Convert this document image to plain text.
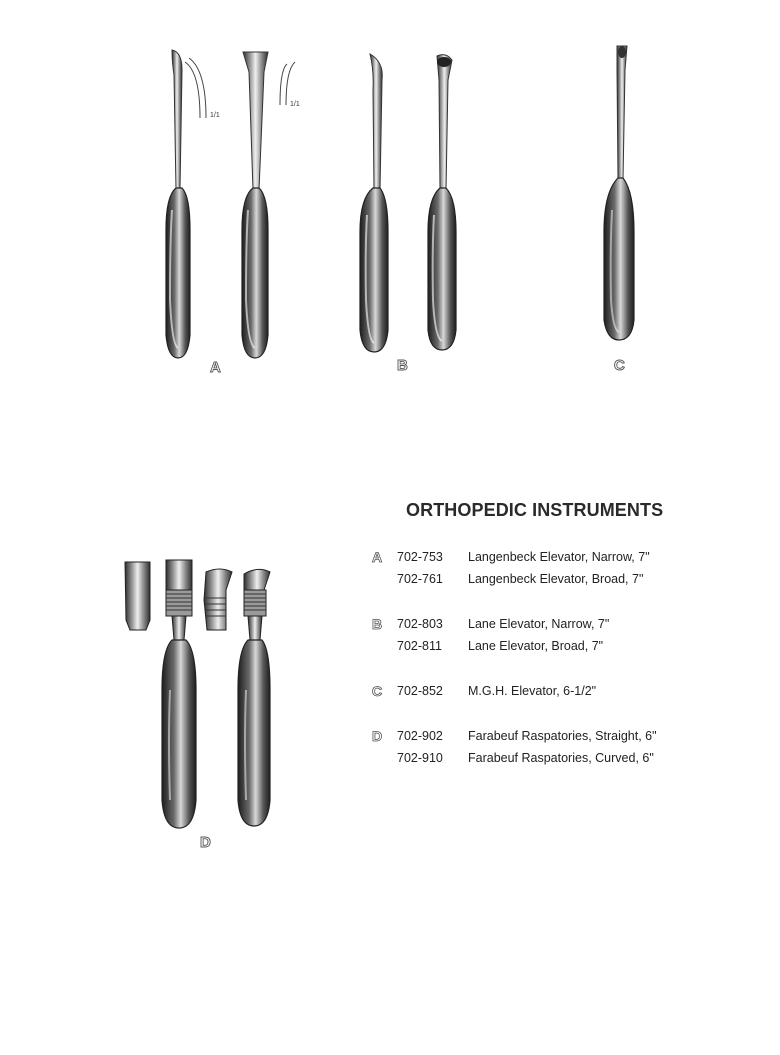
1/1
1/1
A	B	C
D
ORTHOPEDIC INSTRUMENTS
A 702-753 Langenbeck Elevator, Narrow, 7"
702-761 Langenbeck Elevator, Broad, 7"
B 702-803 Lane Elevator, Narrow, 7"
702-811 Lane Elevator, Broad, 7"
C 702-852 M.G.H. Elevator, 6-1/2"
D 702-902 Farabeuf Raspatories, Straight, 6"
702-910 Farabeuf Raspatories, Curved, 6"
